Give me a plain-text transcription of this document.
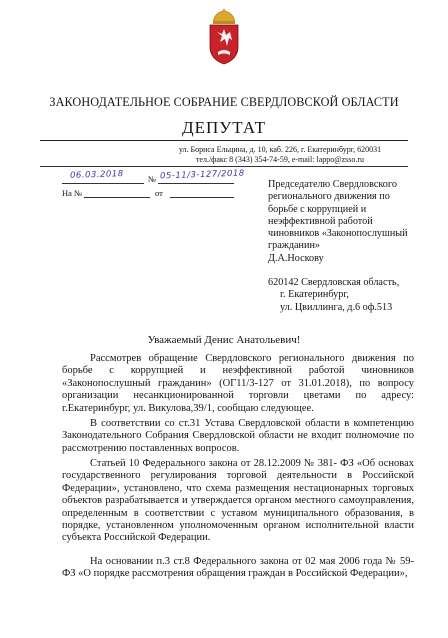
ЗАКОНОДАТЕЛЬНОЕ СОБРАНИЕ СВЕРДЛОВСКОЙ ОБЛАСТИ
ДЕПУТАТ
ул. Бориса Ельцина, д. 10, каб. 226, г. Екатеринбург, 620031
тел./факс 8 (343) 354-74-59, e-mail: lappo@zsso.ru
06.03.2018	№ 05-11/3-127/2018
На №	от
Председателю Свердловского
регионального движения по
борьбе с коррупцией и
неэффективной работой
чиновников «Законопослушный
гражданин»
Д.А.Носкову
620142 Свердловская область,
г. Екатеринбург,
ул. Цвиллинга, д.6 оф.513
Уважаемый Денис Анатольевич!

Рассмотрев обращение Свердловского регионального движения по борьбе с коррупцией и неэффективной работой чиновников «Законопослушный гражданин» (ОГ11/3-127 от 31.01.2018), по вопросу организации несанкционированной торговли цветами по адресу: г.Екатеринбург, ул. Викулова,39/1, сообщаю следующее.

В соответствии со ст.31 Устава Свердловской области в компетенцию Законодательного Собрания Свердловской области не входит полномочие по рассмотрению поставленных вопросов.

Статьей 10 Федерального закона от 28.12.2009 № 381- ФЗ «Об основах государственного регулирования торговой деятельности в Российской Федерации», установлено, что схема размещения нестационарных торговых объектов разрабатывается и утверждается органом местного самоуправления, определенным в соответствии с уставом муниципального образования, в порядке, установленном уполномоченным органом исполнительной власти субъекта Российской Федерации.

На основании п.3 ст.8 Федерального закона от 02 мая 2006 года № 59-ФЗ «О порядке рассмотрения обращения граждан в Российской Федерации»,
